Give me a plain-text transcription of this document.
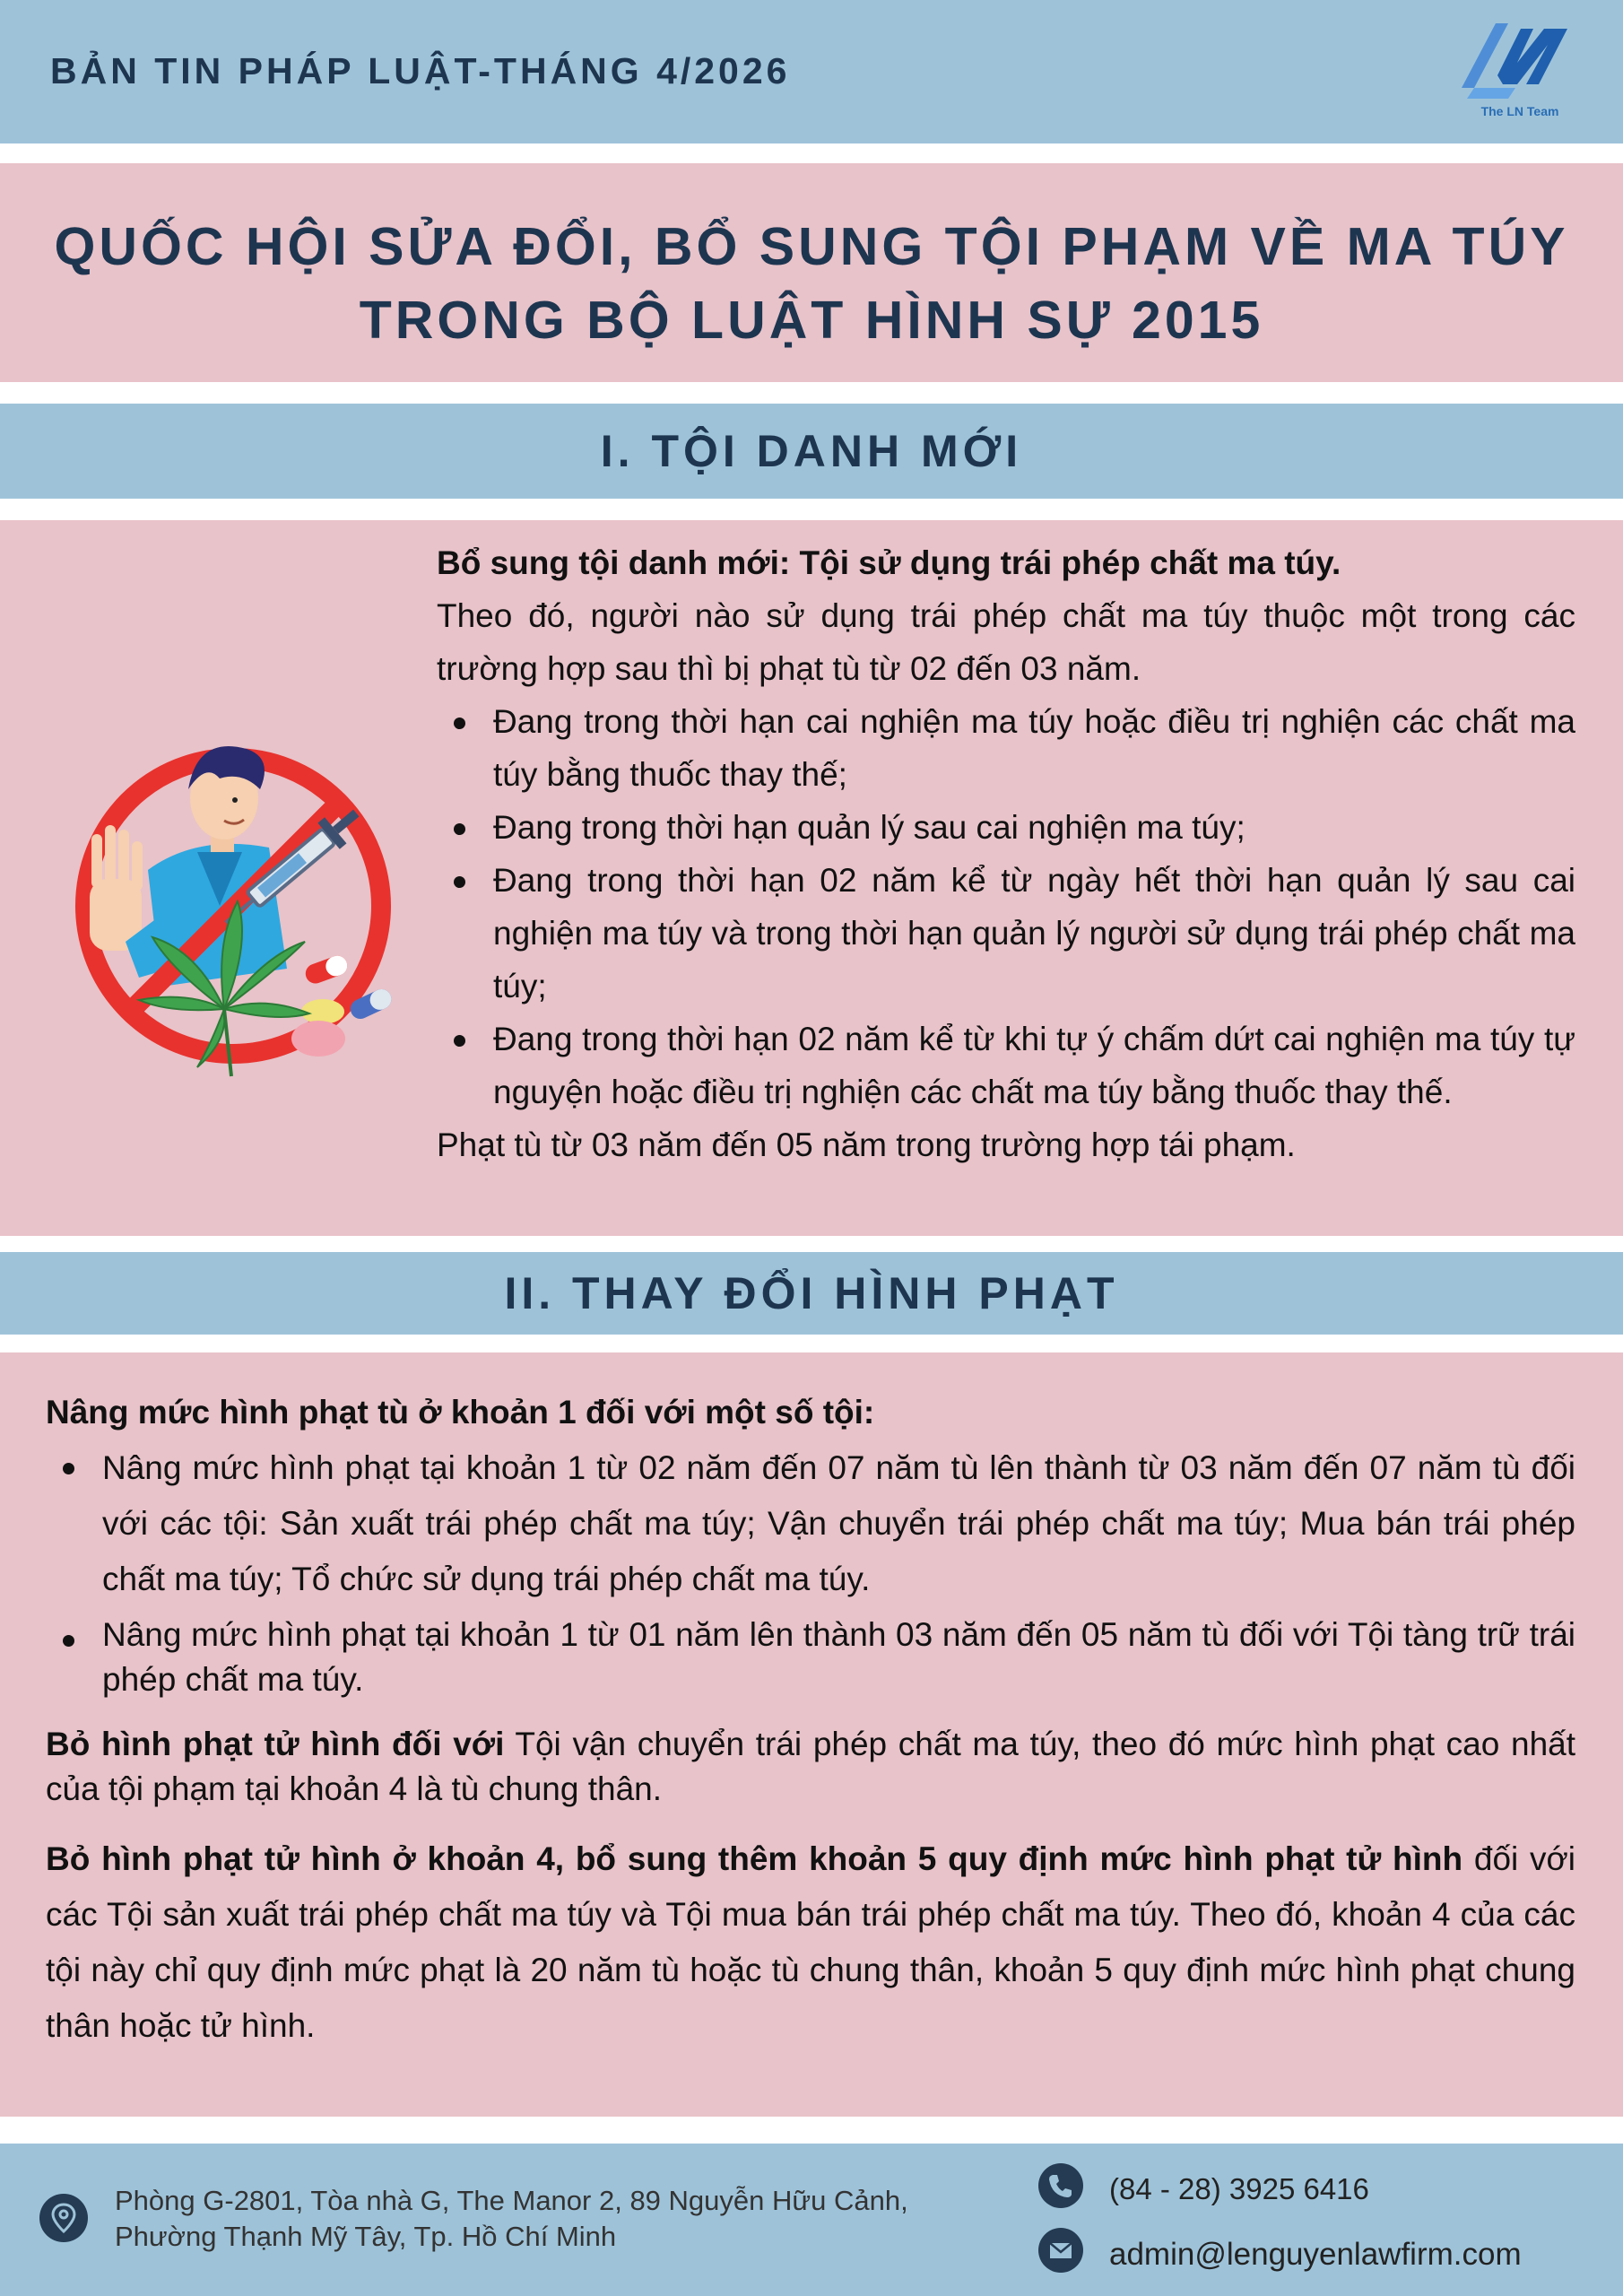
BẢN TIN PHÁP LUẬT-THÁNG 4/2026
The LN Team
QUỐC HỘI SỬA ĐỔI, BỔ SUNG TỘI PHẠM VỀ MA TÚY
TRONG BỘ LUẬT HÌNH SỰ 2015
I. TỘI DANH MỚI

Bổ sung tội danh mới: Tội sử dụng trái phép chất ma túy.

Theo đó, người nào sử dụng trái phép chất ma túy thuộc một trong các trường hợp sau thì bị phạt tù từ 02 đến 03 năm.

Đang trong thời hạn cai nghiện ma túy hoặc điều trị nghiện các chất ma túy bằng thuốc thay thế;
Đang trong thời hạn quản lý sau cai nghiện ma túy;
Đang trong thời hạn 02 năm kể từ ngày hết thời hạn quản lý sau cai nghiện ma túy và trong thời hạn quản lý người sử dụng trái phép chất ma túy;
Đang trong thời hạn 02 năm kể từ khi tự ý chấm dứt cai nghiện ma túy tự nguyện hoặc điều trị nghiện các chất ma túy bằng thuốc thay thế.

Phạt tù từ 03 năm đến 05 năm trong trường hợp tái phạm.

II. THAY ĐỔI HÌNH PHẠT

Nâng mức hình phạt tù ở khoản 1 đối với một số tội:

Nâng mức hình phạt tại khoản 1 từ 02 năm đến 07 năm tù lên thành từ 03 năm đến 07 năm tù đối với các tội: Sản xuất trái phép chất ma túy; Vận chuyển trái phép chất ma túy; Mua bán trái phép chất ma túy; Tổ chức sử dụng trái phép chất ma túy.
Nâng mức hình phạt tại khoản 1 từ 01 năm lên thành 03 năm đến 05 năm tù đối với Tội tàng trữ trái phép chất ma túy.

Bỏ hình phạt tử hình đối với Tội vận chuyển trái phép chất ma túy, theo đó mức hình phạt cao nhất của tội phạm tại khoản 4 là tù chung thân.

Bỏ hình phạt tử hình ở khoản 4, bổ sung thêm khoản 5 quy định mức hình phạt tử hình đối với các Tội sản xuất trái phép chất ma túy và Tội mua bán trái phép chất ma túy. Theo đó, khoản 4 của các tội này chỉ quy định mức phạt là 20 năm tù hoặc tù chung thân, khoản 5 quy định mức hình phạt chung thân hoặc tử hình.

Phòng G-2801, Tòa nhà G, The Manor 2, 89 Nguyễn Hữu Cảnh,
Phường Thạnh Mỹ Tây, Tp. Hồ Chí Minh
(84 - 28) 3925 6416
admin@lenguyenlawfirm.com
